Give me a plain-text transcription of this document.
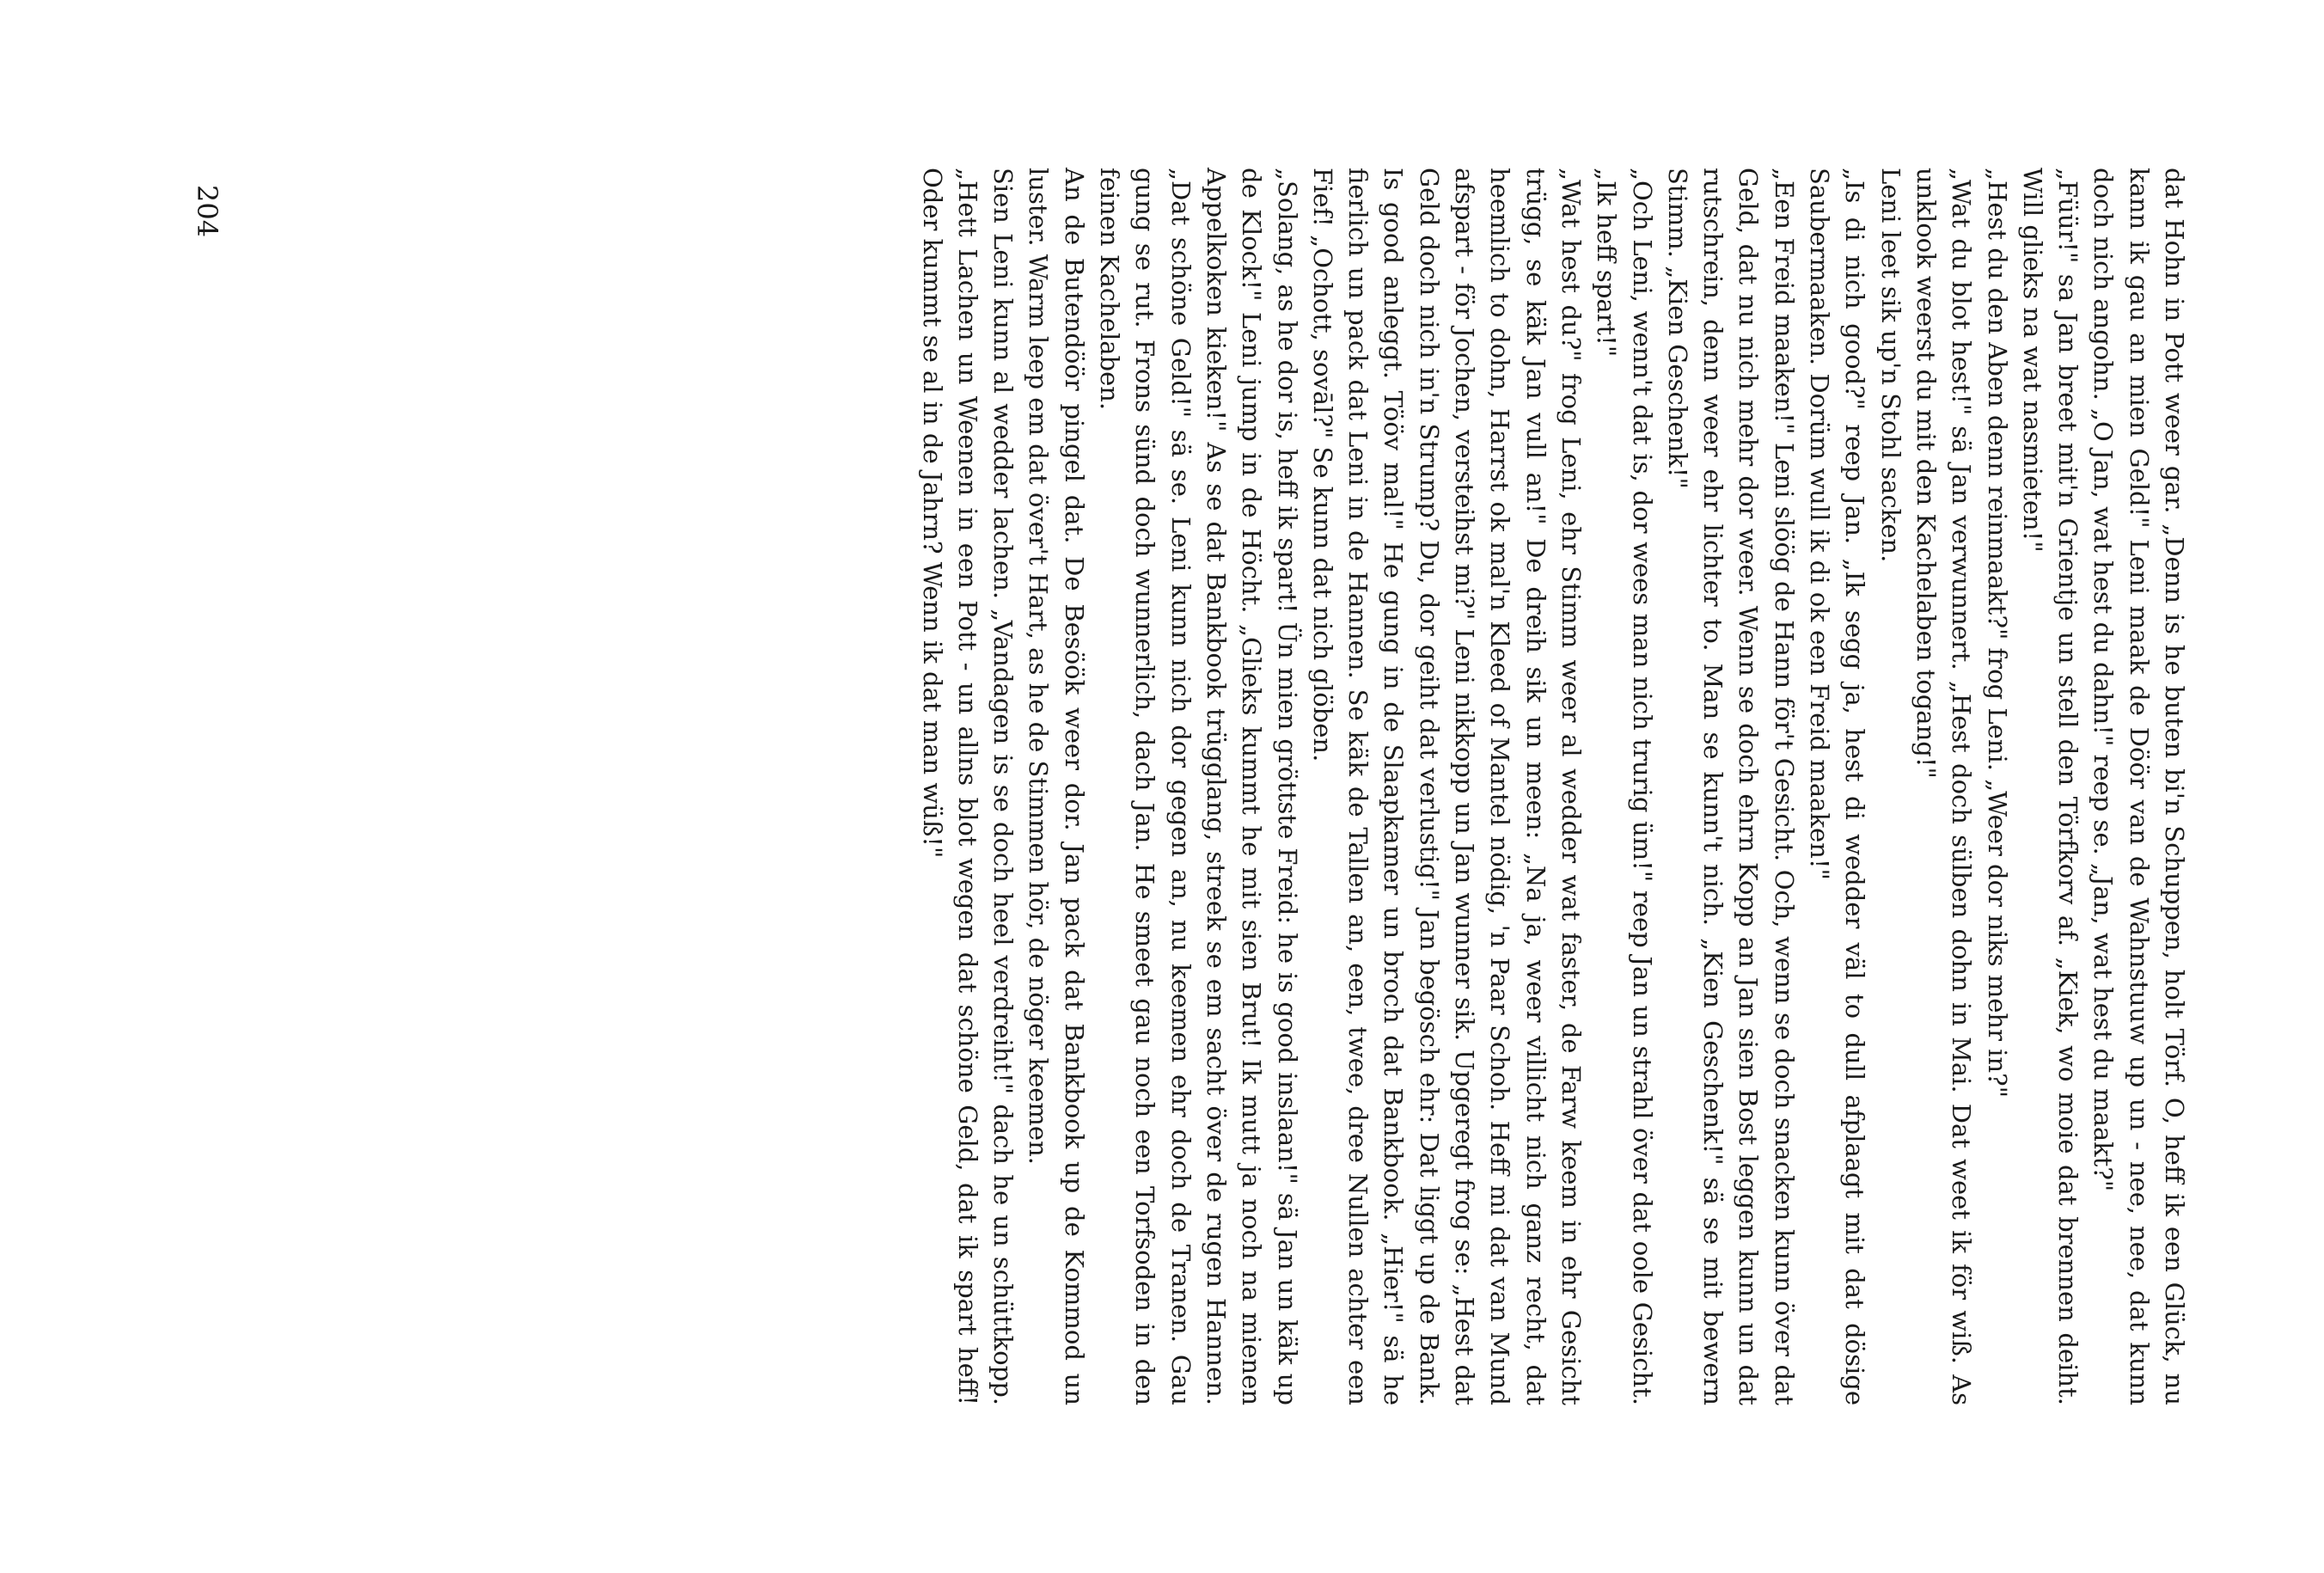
dat Hohn in Pott weer gar. „Denn is he buten bi'n Schuppen, holt Törf. O, heff ik een Glück, nu kann ik gau an mien Geld!" Leni maak de Döör van de Wahnstuuw up un - nee, nee, dat kunn doch nich angohn. „O Jan, wat hest du dahn!" reep se. „Jan, wat hest du maakt?"

„Füür!" sa Jan breet mit'n Grientje un stell den Törfkorv af. „Kiek, wo moie dat brennen deiht. Will glieks na wat nasmieten!"

„Hest du den Aben denn reinmaakt?" frog Leni. „Weer dor niks mehr in?"

„Wat du blot hest!" sä Jan verwunnert. „Hest doch sülben dohn in Mai. Dat weet ik för wiß. As unklook weerst du mit den Kachelaben togang!"

Leni leet sik up'n Stohl sacken.

„Is di nich good?" reep Jan. „Ik segg ja, hest di wedder väl to dull afplaagt mit dat dösige Saubermaaken. Dorüm wull ik di ok een Freid maaken!"

„Een Freid maaken!" Leni slöög de Hann för't Gesicht. Och, wenn se doch snacken kunn över dat Geld, dat nu nich mehr dor weer. Wenn se doch ehrn Kopp an Jan sien Bost leggen kunn un dat rutschrein, denn weer ehr lichter to. Man se kunn't nich. „Kien Geschenk!" sä se mit bewern Stimm. „Kien Geschenk!"

„Och Leni, wenn't dat is, dor wees man nich trurig üm!" reep Jan un strahl över dat oole Gesicht. „Ik heff spart!"

„Wat hest du?" frog Leni, ehr Stimm weer al wedder wat faster, de Farw keem in ehr Gesicht trügg, se käk Jan vull an!" De dreih sik un meen: „Na ja, weer villicht nich ganz recht, dat heemlich to dohn, Harrst ok mal'n Kleed of Mantel nödig, 'n Paar Schoh. Heff mi dat van Mund afspart - för Jochen, versteihst mi?" Leni nikkopp un Jan wunner sik. Upgeregt frog se: „Hest dat Geld doch nich in'n Strump? Du, dor geiht dat verlustig!" Jan begösch ehr: Dat liggt up de Bank. Is good anleggt. Tööv mal!" He gung in de Slaapkamer un broch dat Bankbook. „Hier!" sä he fierlich un pack dat Leni in de Hannen. Se käk de Tallen an, een, twee, dree Nullen achter een Fief! „Ochott, sovāl?" Se kunn dat nich glöben.

„Solang, as he dor is, heff ik spart! Ün mien gröttste Freid: he is good inslaan!" sä Jan un käk up de Klock!" Leni jump in de Höcht. „Glieks kummt he mit sien Brut! Ik mutt ja noch na mienen Appelkoken kieken!" As se dat Bankbook trügglang, streek se em sacht över de rugen Hannen. „Dat schöne Geld!" sä se. Leni kunn nich dor gegen an, nu keemen ehr doch de Tranen. Gau gung se rut. Frons sünd doch wunnerlich, dach Jan. He smeet gau noch een Torfsoden in den feinen Kachelaben.

An de Butendöör pingel dat. De Besöök weer dor. Jan pack dat Bankbook up de Kommod un luster. Warm leep em dat över't Hart, as he de Stimmen hör, de nöger keemen.

Sien Leni kunn al wedder lachen. „Vandagen is se doch heel verdreiht!" dach he un schüttkopp. „Hett Lachen un Weenen in een Pott - un allns blot wegen dat schöne Geld, dat ik spart heff! Oder kummt se al in de Jahrn? Wenn ik dat man wüß!"

204
